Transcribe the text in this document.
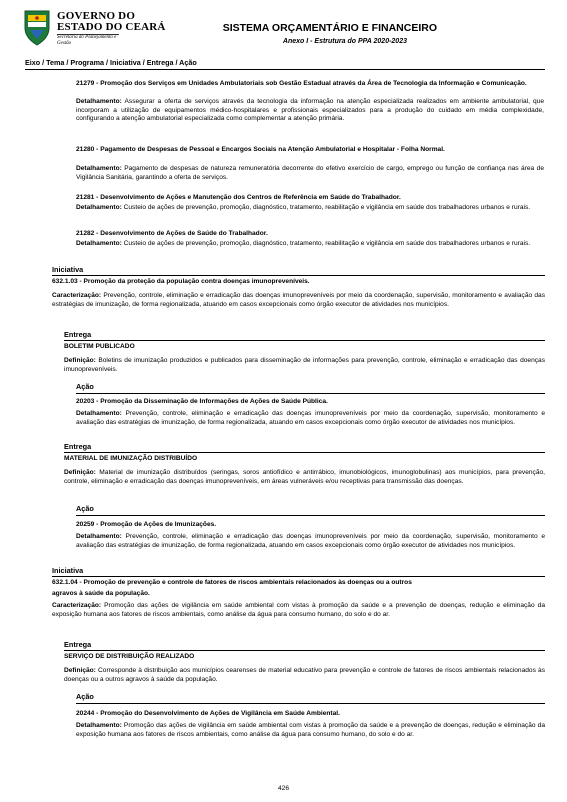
GOVERNO DO
ESTADO DO CEARÁ
Secretaria do Planejamento e Gestão
SISTEMA ORÇAMENTÁRIO E FINANCEIRO
Anexo I - Estrutura do PPA 2020-2023
Eixo / Tema / Programa / Iniciativa / Entrega / Ação
21279 - Promoção dos Serviços em Unidades Ambulatoriais sob Gestão Estadual através da Área de Tecnologia da Informação e Comunicação.
Detalhamento: Assegurar a oferta de serviços através da tecnologia da informação na atenção especializada realizados em ambiente ambulatorial, que incorporam a utilização de equipamentos médico-hospitalares e profissionais especializados para a produção do cuidado em média complexidade, configurando a atenção ambulatorial especializada como complementar a atenção primária.
21280 - Pagamento de Despesas de Pessoal e Encargos Sociais na Atenção Ambulatorial e Hospitalar - Folha Normal.
Detalhamento: Pagamento de despesas de natureza remuneratória decorrente do efetivo exercício de cargo, emprego ou função de confiança nas área de Vigilância Sanitária, garantindo a oferta de serviços.
21281 - Desenvolvimento de Ações e Manutenção dos Centros de Referência em Saúde do Trabalhador.
Detalhamento: Custeio de ações de prevenção, promoção, diagnóstico, tratamento, reabilitação e vigilância em saúde dos trabalhadores urbanos e rurais.
21282 - Desenvolvimento de Ações de Saúde do Trabalhador.
Detalhamento: Custeio de ações de prevenção, promoção, diagnóstico, tratamento, reabilitação e vigilância em saúde dos trabalhadores urbanos e rurais.
Iniciativa
632.1.03 - Promoção da proteção da população contra doenças imunopreveníveis.
Caracterização: Prevenção, controle, eliminação e erradicação das doenças imunopreveníveis por meio da coordenação, supervisão, monitoramento e avaliação das estratégias de imunização, de forma regionalizada, atuando em casos excepcionais como órgão executor de atividades nos municípios.
Entrega
BOLETIM PUBLICADO
Definição: Boletins de imunização produzidos e publicados para disseminação de informações para prevenção, controle, eliminação e erradicação das doenças imunopreveníveis.
Ação
20203 - Promoção da Disseminação de Informações de Ações de Saúde Pública.
Detalhamento: Prevenção, controle, eliminação e erradicação das doenças imunopreveníveis por meio da coordenação, supervisão, monitoramento e avaliação das estratégias de imunização, de forma regionalizada, atuando em casos excepcionais como órgão executor de atividades nos municípios.
Entrega
MATERIAL DE IMUNIZAÇÃO DISTRIBUÍDO
Definição: Material de imunização distribuídos (seringas, soros antiofídico e antirrábico, imunobiológicos, imunoglobulinas) aos municípios, para prevenção, controle, eliminação e erradicação das doenças imunopreveníveis, em áreas vulneráveis e/ou receptivas para transmissão das doenças.
Ação
20259 - Promoção de Ações de Imunizações.
Detalhamento: Prevenção, controle, eliminação e erradicação das doenças imunopreveníveis por meio da coordenação, supervisão, monitoramento e avaliação das estratégias de imunização, de forma regionalizada, atuando em casos excepcionais como órgão executor de atividades nos municípios.
Iniciativa
632.1.04 - Promoção de prevenção e controle de fatores de riscos ambientais relacionados às doenças ou a outros
agravos à saúde da população.
Caracterização: Promoção das ações de vigilância em saúde ambiental com vistas à promoção da saúde e a prevenção de doenças, redução e eliminação da exposição humana aos fatores de riscos ambientais, como análise da água para consumo humano, do solo e do ar.
Entrega
SERVIÇO DE DISTRIBUIÇÃO REALIZADO
Definição: Corresponde à distribuição aos municípios cearenses de material educativo para prevenção e controle de fatores de riscos ambientais relacionados às doenças ou a outros agravos à saúde da população.
Ação
20244 - Promoção do Desenvolvimento de Ações de Vigilância em Saúde Ambiental.
Detalhamento: Promoção das ações de vigilância em saúde ambiental com vistas à promoção da saúde e a prevenção de doenças, redução e eliminação da exposição humana aos fatores de riscos ambientais, como análise da água para consumo humano, do solo e do ar.
426
